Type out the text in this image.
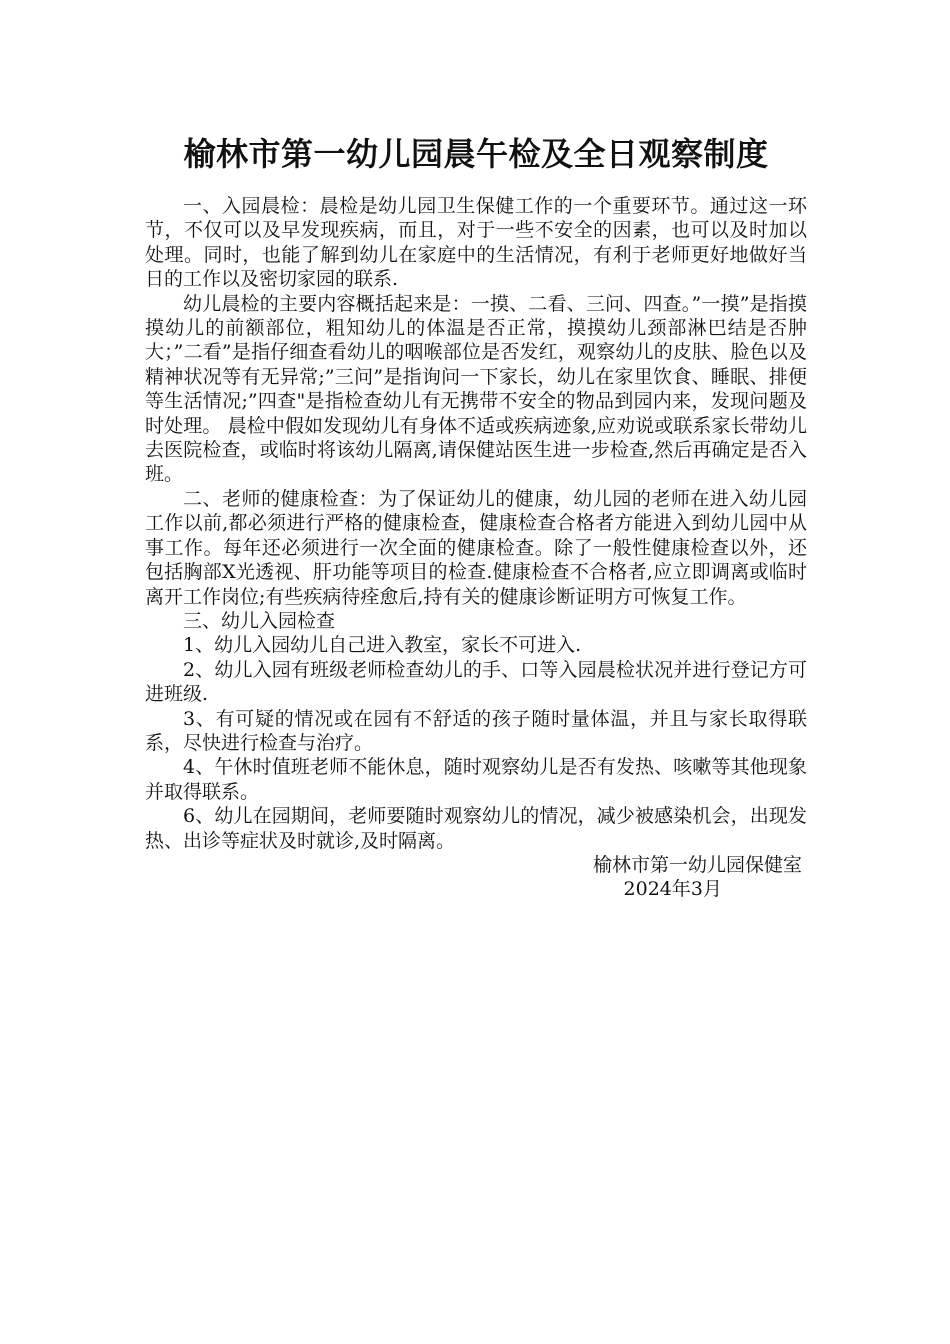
榆林市第一幼儿园晨午检及全日观察制度

一、入园晨检：晨检是幼儿园卫生保健工作的一个重要环节。通过这一环节，不仅可以及早发现疾病，而且，对于一些不安全的因素，也可以及时加以处理。同时，也能了解到幼儿在家庭中的生活情况，有利于老师更好地做好当日的工作以及密切家园的联系.

幼儿晨检的主要内容概括起来是：一摸、二看、三问、四查。”一摸”是指摸摸幼儿的前额部位，粗知幼儿的体温是否正常，摸摸幼儿颈部淋巴结是否肿大；”二看”是指仔细查看幼儿的咽喉部位是否发红，观察幼儿的皮肤、脸色以及精神状况等有无异常;”三问”是指询问一下家长，幼儿在家里饮食、睡眠、排便等生活情况;”四查"是指检查幼儿有无携带不安全的物品到园内来，发现问题及时处理。 晨检中假如发现幼儿有身体不适或疾病迹象,应劝说或联系家长带幼儿去医院检查，或临时将该幼儿隔离,请保健站医生进一步检查,然后再确定是否入班。

二、老师的健康检查：为了保证幼儿的健康，幼儿园的老师在进入幼儿园工作以前,都必须进行严格的健康检查，健康检查合格者方能进入到幼儿园中从事工作。每年还必须进行一次全面的健康检查。除了一般性健康检查以外，还包括胸部X光透视、肝功能等项目的检查.健康检查不合格者,应立即调离或临时离开工作岗位;有些疾病待痊愈后,持有关的健康诊断证明方可恢复工作。

三、幼儿入园检查

1、幼儿入园幼儿自己进入教室，家长不可进入.

2、幼儿入园有班级老师检查幼儿的手、口等入园晨检状况并进行登记方可进班级.

3、有可疑的情况或在园有不舒适的孩子随时量体温，并且与家长取得联系，尽快进行检查与治疗。

4、午休时值班老师不能休息，随时观察幼儿是否有发热、咳嗽等其他现象并取得联系。

6、幼儿在园期间，老师要随时观察幼儿的情况，减少被感染机会，出现发热、出诊等症状及时就诊,及时隔离。

榆林市第一幼儿园保健室

2024年3月
